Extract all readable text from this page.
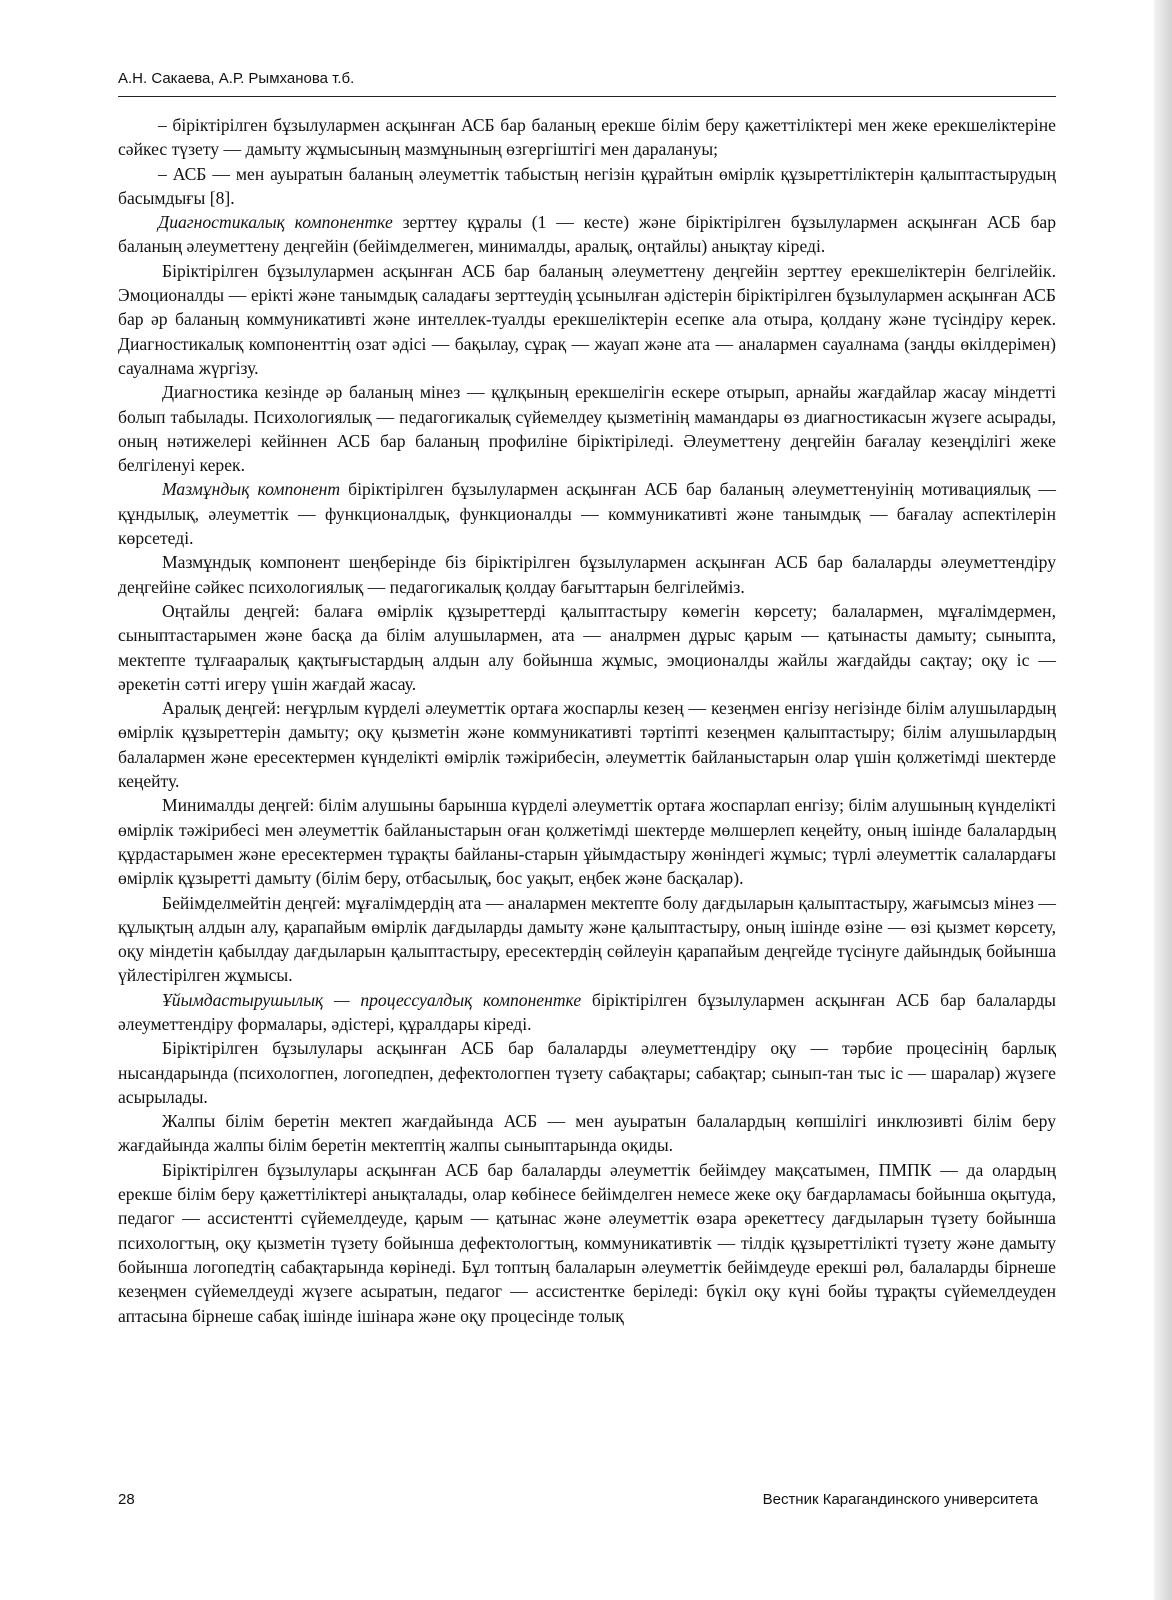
А.Н. Сакаева, А.Р. Рымханова т.б.

– біріктірілген бұзылулармен асқынған АСБ бар баланың ерекше білім беру қажеттіліктері мен жеке ерекшеліктеріне сәйкес түзету — дамыту жұмысының мазмұнының өзгергіштігі мен даралануы;

– АСБ — мен ауыратын баланың әлеуметтік табыстың негізін құрайтын өмірлік құзыреттіліктерін қалыптастырудың басымдығы [8].

Диагностикалық компонентке зерттеу құралы (1 — кесте) және біріктірілген бұзылулармен асқынған АСБ бар баланың әлеуметтену деңгейін (бейімделмеген, минималды, аралық, оңтайлы) анықтау кіреді.

Біріктірілген бұзылулармен асқынған АСБ бар баланың әлеуметтену деңгейін зерттеу ерекшеліктерін белгілейік. Эмоционалды — ерікті және танымдық саладағы зерттеудің ұсынылған әдістерін біріктірілген бұзылулармен асқынған АСБ бар әр баланың коммуникативті және интеллек-туалды ерекшеліктерін есепке ала отыра, қолдану және түсіндіру керек. Диагностикалық компоненттің озат әдісі — бақылау, сұрақ — жауап және ата — аналармен сауалнама (заңды өкілдерімен) сауалнама жүргізу.

Диагностика кезінде әр баланың мінез — құлқының ерекшелігін ескере отырып, арнайы жағдайлар жасау міндетті болып табылады. Психологиялық — педагогикалық сүйемелдеу қызметінің мамандары өз диагностикасын жүзеге асырады, оның нәтижелері кейіннен АСБ бар баланың профиліне біріктіріледі. Әлеуметтену деңгейін бағалау кезеңділігі жеке белгіленуі керек.

Мазмұндық компонент біріктірілген бұзылулармен асқынған АСБ бар баланың әлеуметтенуінің мотивациялық — құндылық, әлеуметтік — функционалдық, функционалды — коммуникативті және танымдық — бағалау аспектілерін көрсетеді.

Мазмұндық компонент шеңберінде біз біріктірілген бұзылулармен асқынған АСБ бар балаларды әлеуметтендіру деңгейіне сәйкес психологиялық — педагогикалық қолдау бағыттарын белгілейміз.

Оңтайлы деңгей: балаға өмірлік құзыреттерді қалыптастыру көмегін көрсету; балалармен, мұғалімдермен, сыныптастарымен және басқа да білім алушылармен, ата — аналрмен дұрыс қарым — қатынасты дамыту; сыныпта, мектепте тұлғааралық қақтығыстардың алдын алу бойынша жұмыс, эмоционалды жайлы жағдайды сақтау; оқу іс — әрекетін сәтті игеру үшін жағдай жасау.

Аралық деңгей: неғұрлым күрделі әлеуметтік ортаға жоспарлы кезең — кезеңмен енгізу негізінде білім алушылардың өмірлік құзыреттерін дамыту; оқу қызметін және коммуникативті тәртіпті кезеңмен қалыптастыру; білім алушылардың балалармен және ересектермен күнделікті өмірлік тәжірибесін, әлеуметтік байланыстарын олар үшін қолжетімді шектерде кеңейту.

Минималды деңгей: білім алушыны барынша күрделі әлеуметтік ортаға жоспарлап енгізу; білім алушының күнделікті өмірлік тәжірибесі мен әлеуметтік байланыстарын оған қолжетімді шектерде мөлшерлеп кеңейту, оның ішінде балалардың құрдастарымен және ересектермен тұрақты байланы-старын ұйымдастыру жөніндегі жұмыс; түрлі әлеуметтік салалардағы өмірлік құзыретті дамыту (білім беру, отбасылық, бос уақыт, еңбек және басқалар).

Бейімделмейтін деңгей: мұғалімдердің ата — аналармен мектепте болу дағдыларын қалыптастыру, жағымсыз мінез — құлықтың алдын алу, қарапайым өмірлік дағдыларды дамыту және қалыптастыру, оның ішінде өзіне — өзі қызмет көрсету, оқу міндетін қабылдау дағдыларын қалыптастыру, ересектердің сөйлеуін қарапайым деңгейде түсінуге дайындық бойынша үйлестірілген жұмысы.

Ұйымдастырушылық — процессуалдық компонентке біріктірілген бұзылулармен асқынған АСБ бар балаларды әлеуметтендіру формалары, әдістері, құралдары кіреді.

Біріктірілген бұзылулары асқынған АСБ бар балаларды әлеуметтендіру оқу — тәрбие процесінің барлық нысандарында (психологпен, логопедпен, дефектологпен түзету сабақтары; сабақтар; сынып-тан тыс іс — шаралар) жүзеге асырылады.

Жалпы білім беретін мектеп жағдайында АСБ — мен ауыратын балалардың көпшілігі инклюзивті білім беру жағдайында жалпы білім беретін мектептің жалпы сыныптарында оқиды.

Біріктірілген бұзылулары асқынған АСБ бар балаларды әлеуметтік бейімдеу мақсатымен, ПМПК — да олардың ерекше білім беру қажеттіліктері анықталады, олар көбінесе бейімделген немесе жеке оқу бағдарламасы бойынша оқытуда, педагог — ассистентті сүйемелдеуде, қарым — қатынас және әлеуметтік өзара әрекеттесу дағдыларын түзету бойынша психологтың, оқу қызметін түзету бойынша дефектологтың, коммуникативтік — тілдік құзыреттілікті түзету және дамыту бойынша логопедтің сабақтарында көрінеді. Бұл топтың балаларын әлеуметтік бейімдеуде ерекші рөл, балаларды бірнеше кезеңмен сүйемелдеуді жүзеге асыратын, педагог — ассистентке беріледі: бүкіл оқу күні бойы тұрақты сүйемелдеуден аптасына бірнеше сабақ ішінде ішінара және оқу процесінде толық

28	Вестник Карагандинского университета
